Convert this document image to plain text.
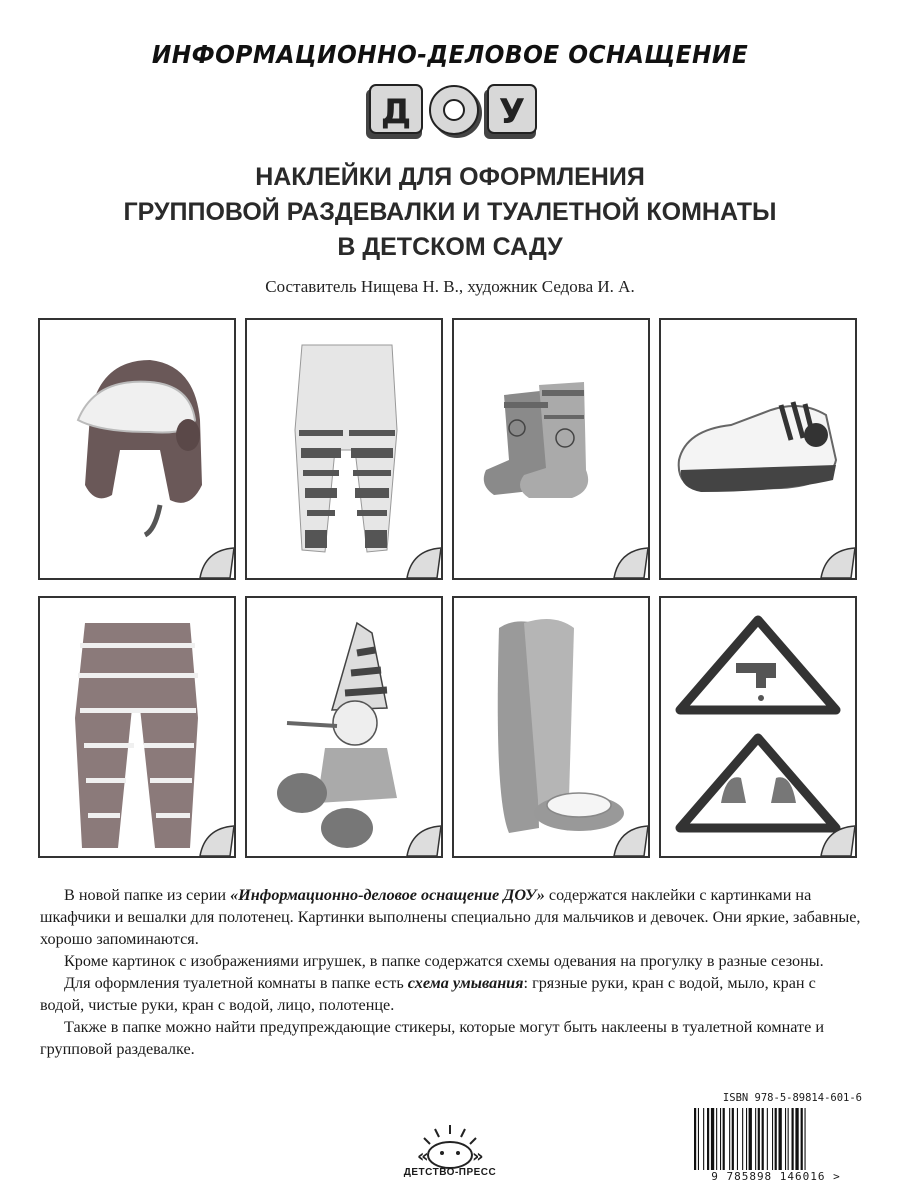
ИНФОРМАЦИОННО-ДЕЛОВОЕ ОСНАЩЕНИЕ
Д	У
НАКЛЕЙКИ ДЛЯ ОФОРМЛЕНИЯ
ГРУППОВОЙ РАЗДЕВАЛКИ И ТУАЛЕТНОЙ КОМНАТЫ
В ДЕТСКОМ САДУ
Составитель Нищева Н. В., художник Седова И. А.

В новой папке из серии «Информационно-деловое оснащение ДОУ» содержатся наклейки с картинками на шкафчики и вешалки для полотенец. Картинки выполнены специально для мальчиков и девочек. Они яркие, забавные, хорошо запоминаются.

Кроме картинок с изображениями игрушек, в папке содержатся схемы одевания на прогулку в разные сезоны.

Для оформления туалетной комнаты в папке есть схема умывания: грязные руки, кран с водой, мыло, кран с водой, чистые руки, кран с водой, лицо, полотенце.

Также в папке можно найти предупреждающие стикеры, которые могут быть наклеены в туалетной комнате и групповой раздевалке.

« »
ДЕТСТВО-ПРЕСС
ISBN 978-5-89814-601-6
9 785898 146016 >
